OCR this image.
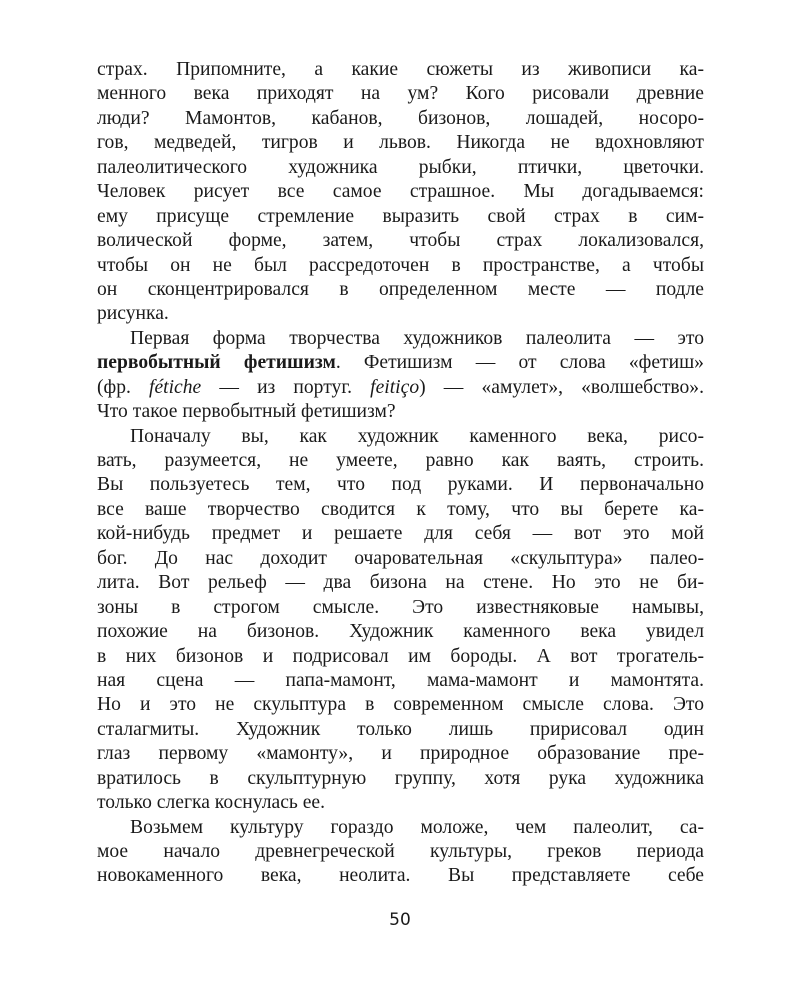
страх. Припомните, а какие сюжеты из живописи ка-
менного века приходят на ум? Кого рисовали древние
люди? Мамонтов, кабанов, бизонов, лошадей, носоро-
гов, медведей, тигров и львов. Никогда не вдохновляют
палеолитического художника рыбки, птички, цветочки.
Человек рисует все самое страшное. Мы догадываемся:
ему присуще стремление выразить свой страх в сим-
волической форме, затем, чтобы страх локализовался,
чтобы он не был рассредоточен в пространстве, а чтобы
он сконцентрировался в определенном месте — подле
рисунка.
Первая форма творчества художников палеолита — это
первобытный фетишизм. Фетишизм — от слова «фетиш»
(фр. fétiche — из португ. feitiço) — «амулет», «волшебство».
Что такое первобытный фетишизм?
Поначалу вы, как художник каменного века, рисо-
вать, разумеется, не умеете, равно как ваять, строить.
Вы пользуетесь тем, что под руками. И первоначально
все ваше творчество сводится к тому, что вы берете ка-
кой-нибудь предмет и решаете для себя — вот это мой
бог. До нас доходит очаровательная «скульптура» палео-
лита. Вот рельеф — два бизона на стене. Но это не би-
зоны в строгом смысле. Это известняковые намывы,
похожие на бизонов. Художник каменного века увидел
в них бизонов и подрисовал им бороды. А вот трогатель-
ная сцена — папа-мамонт, мама-мамонт и мамонтята.
Но и это не скульптура в современном смысле слова. Это
сталагмиты. Художник только лишь пририсовал один
глаз первому «мамонту», и природное образование пре-
вратилось в скульптурную группу, хотя рука художника
только слегка коснулась ее.
Возьмем культуру гораздо моложе, чем палеолит, са-
мое начало древнегреческой культуры, греков периода
новокаменного века, неолита. Вы представляете себе
50
